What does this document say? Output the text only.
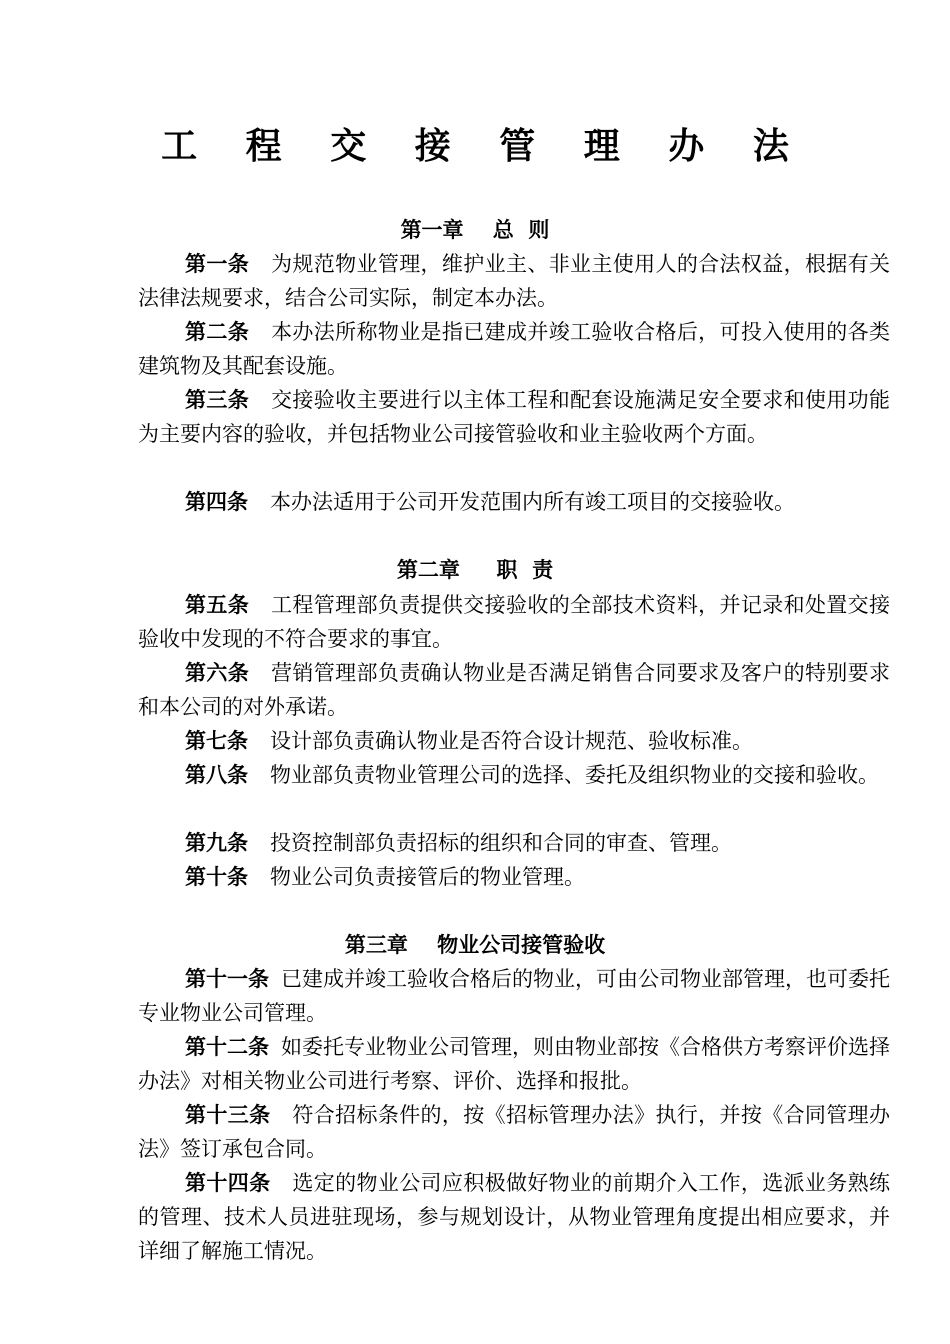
工 程 交 接 管 理 办 法
第一章    总  则
第一条 为规范物业管理，维护业主、非业主使用人的合法权益，根据有关法律法规要求，结合公司实际，制定本办法。
第二条 本办法所称物业是指已建成并竣工验收合格后，可投入使用的各类建筑物及其配套设施。
第三条 交接验收主要进行以主体工程和配套设施满足安全要求和使用功能为主要内容的验收，并包括物业公司接管验收和业主验收两个方面。
第四条 本办法适用于公司开发范围内所有竣工项目的交接验收。
第二章     职  责
第五条 工程管理部负责提供交接验收的全部技术资料，并记录和处置交接验收中发现的不符合要求的事宜。
第六条 营销管理部负责确认物业是否满足销售合同要求及客户的特别要求和本公司的对外承诺。
第七条 设计部负责确认物业是否符合设计规范、验收标准。
第八条 物业部负责物业管理公司的选择、委托及组织物业的交接和验收。
第九条 投资控制部负责招标的组织和合同的审查、管理。
第十条 物业公司负责接管后的物业管理。
第三章    物业公司接管验收
第十一条 已建成并竣工验收合格后的物业，可由公司物业部管理，也可委托专业物业公司管理。
第十二条 如委托专业物业公司管理，则由物业部按《合格供方考察评价选择办法》对相关物业公司进行考察、评价、选择和报批。
第十三条 符合招标条件的，按《招标管理办法》执行，并按《合同管理办法》签订承包合同。
第十四条 选定的物业公司应积极做好物业的前期介入工作，选派业务熟练的管理、技术人员进驻现场，参与规划设计，从物业管理角度提出相应要求，并详细了解施工情况。
